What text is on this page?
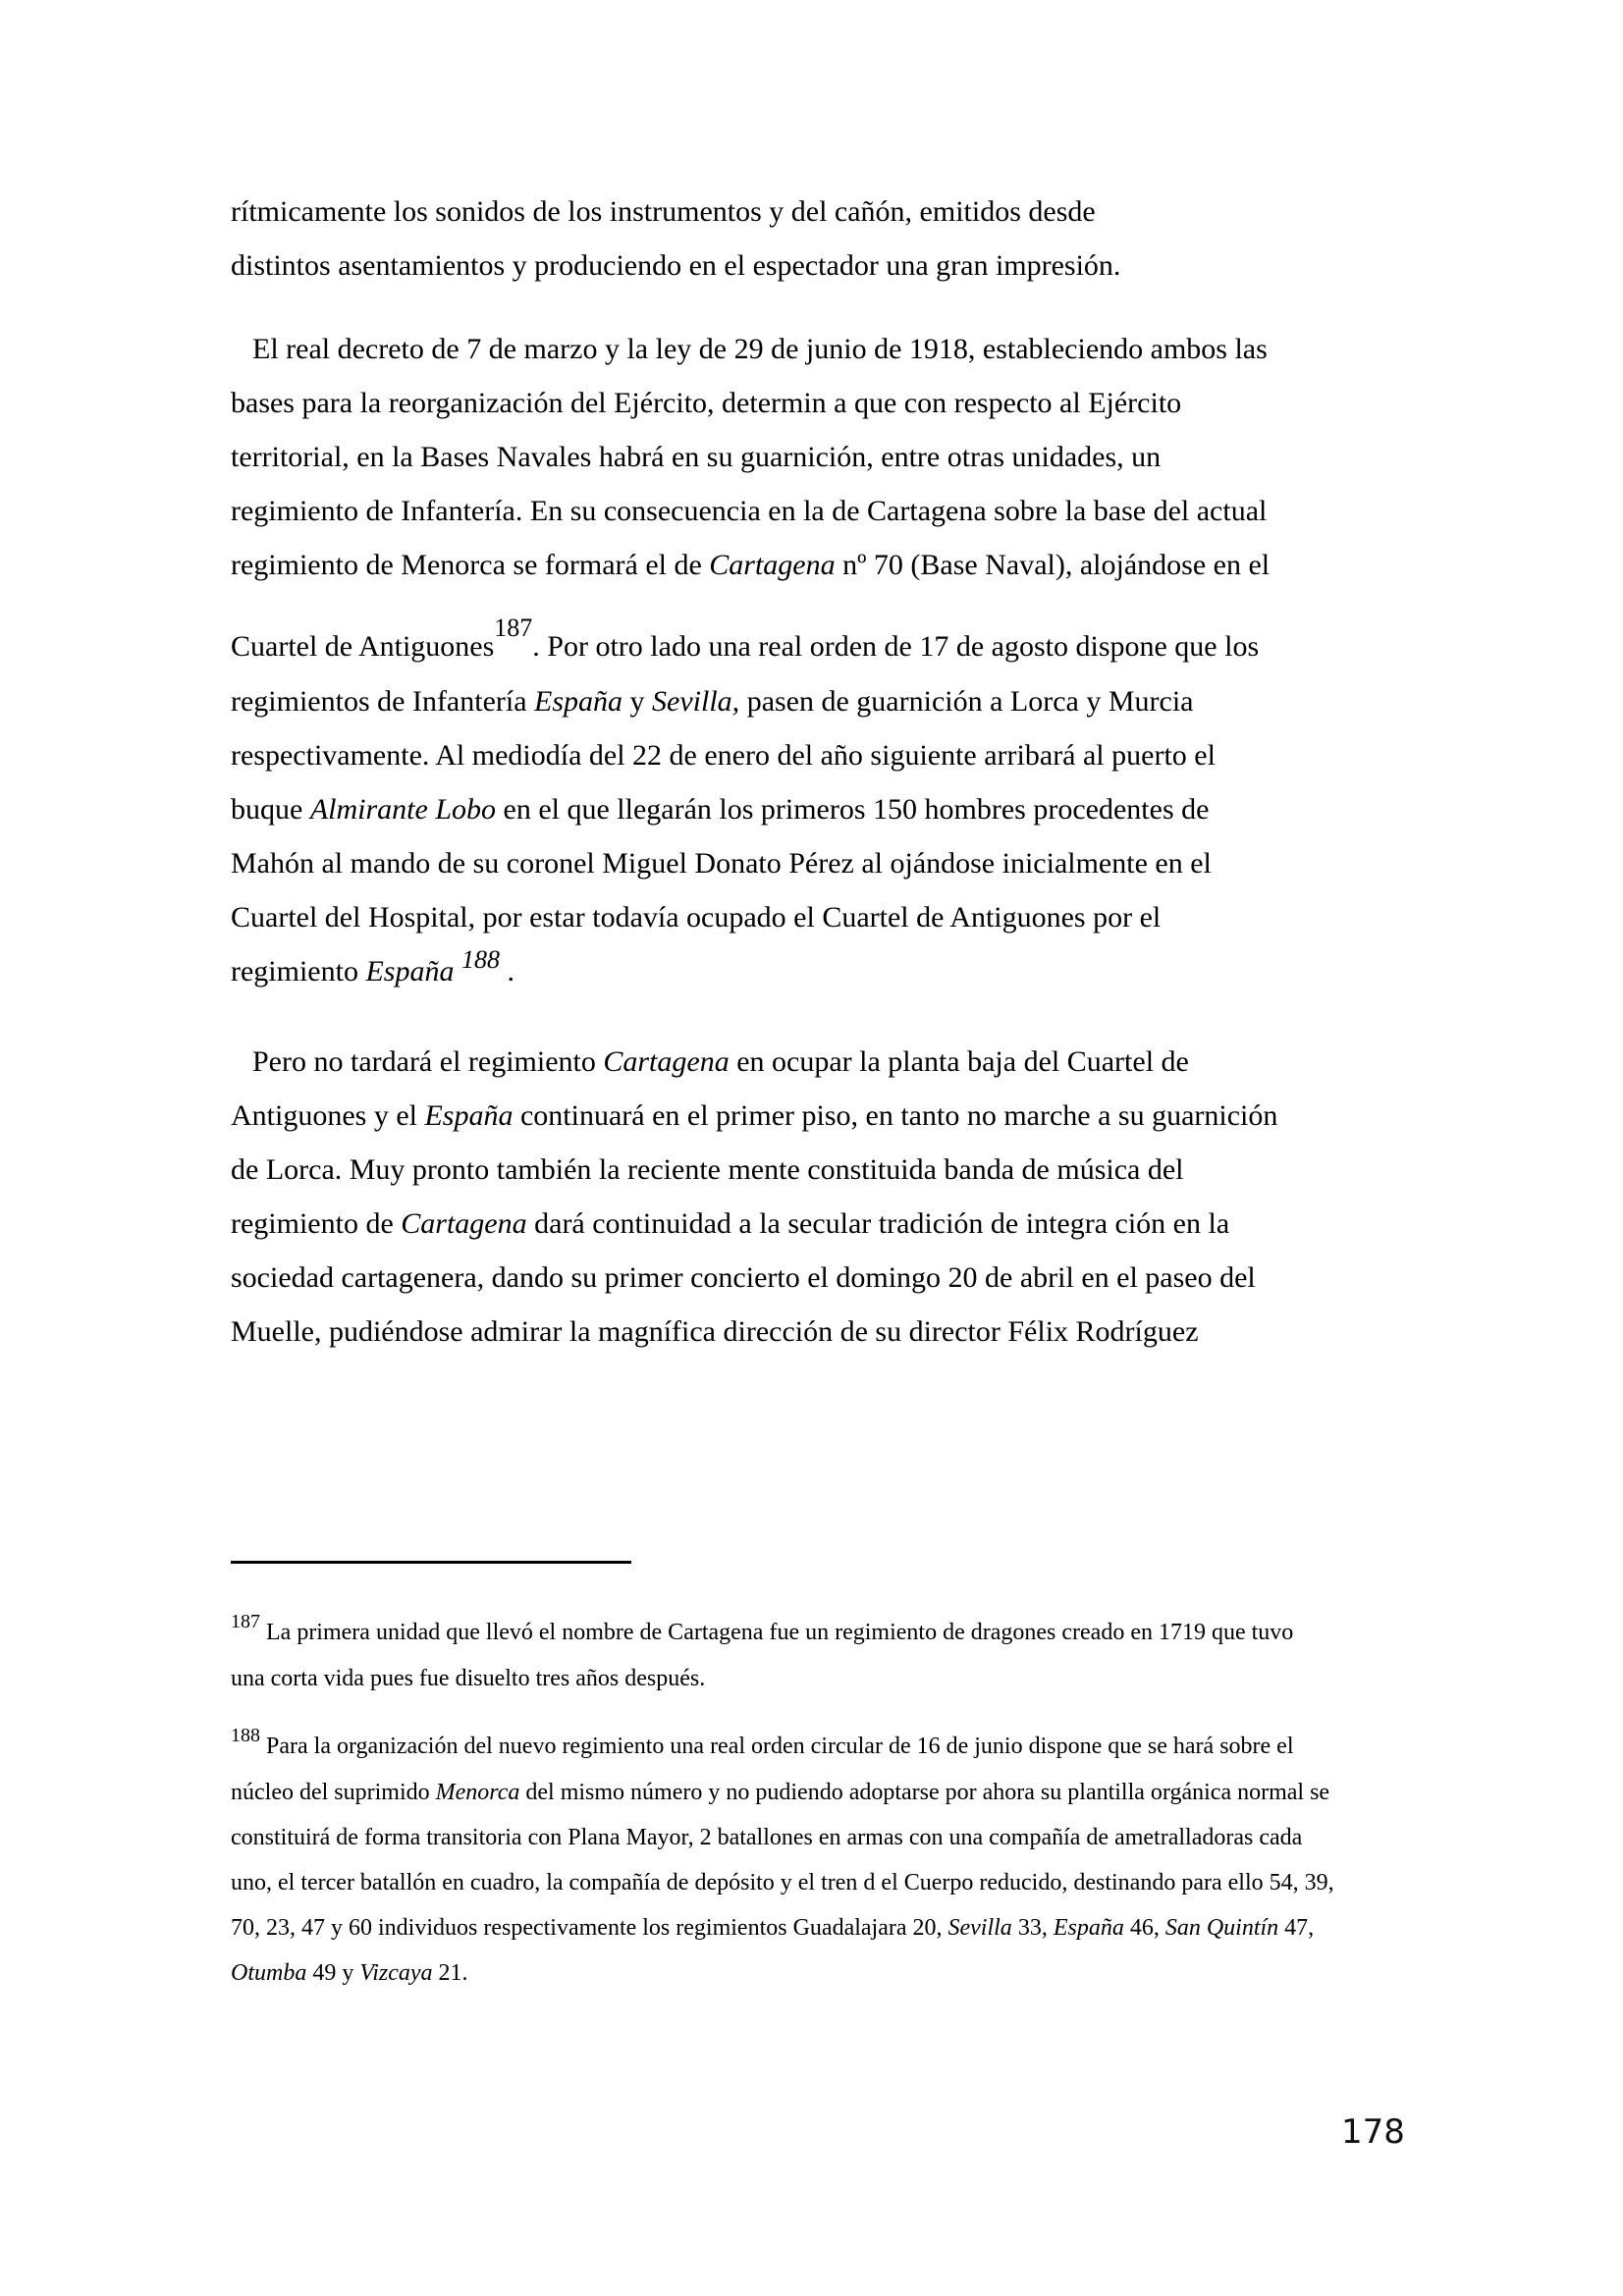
rítmicamente los sonidos de los instrumentos y del cañón, emitidos desde
distintos asentamientos y produciendo en el espectador una gran impresión.
El real decreto de 7 de marzo y la ley de 29 de junio de 1918, estableciendo ambos las
bases para la reorganización del Ejército, determin a que con respecto al Ejército
territorial, en la Bases Navales habrá en su guarnición, entre otras unidades, un
regimiento de Infantería. En su consecuencia en la de Cartagena sobre la base del actual
regimiento de Menorca se formará el de Cartagena nº 70 (Base Naval), alojándose en el
Cuartel de Antiguones187. Por otro lado una real orden de 17 de agosto dispone que los
regimientos de Infantería España y Sevilla, pasen de guarnición a Lorca y Murcia
respectivamente. Al mediodía del 22 de enero del año siguiente arribará al puerto el
buque Almirante Lobo en el que llegarán los primeros 150 hombres procedentes de
Mahón al mando de su coronel Miguel Donato Pérez al ojándose inicialmente en el
Cuartel del Hospital, por estar todavía ocupado el Cuartel de Antiguones por el
regimiento España 188 .
Pero no tardará el regimiento Cartagena en ocupar la planta baja del Cuartel de
Antiguones y el España continuará en el primer piso, en tanto no marche a su guarnición
de Lorca. Muy pronto también la reciente mente constituida banda de música del
regimiento de Cartagena dará continuidad a la secular tradición de integra ción en la
sociedad cartagenera, dando su primer concierto el domingo 20 de abril en el paseo del
Muelle, pudiéndose admirar la magnífica dirección de su director Félix Rodríguez
$^{187}$ La primera unidad que llevó el nombre de Cartagena fue un regimiento de dragones creado en 1719 que tuvo
una corta vida pues fue disuelto tres años después.
$^{188}$ Para la organización del nuevo regimiento una real orden circular de 16 de junio dispone que se hará sobre el
núcleo del suprimido Menorca del mismo número y no pudiendo adoptarse por ahora su plantilla orgánica normal se
constituirá de forma transitoria con Plana Mayor, 2 batallones en armas con una compañía de ametralladoras cada
uno, el tercer batallón en cuadro, la compañía de depósito y el tren d el Cuerpo reducido, destinando para ello 54, 39,
70, 23, 47 y 60 individuos respectivamente los regimientos Guadalajara 20, Sevilla 33, España 46, San Quintín 47,
Otumba 49 y Vizcaya 21.
178
